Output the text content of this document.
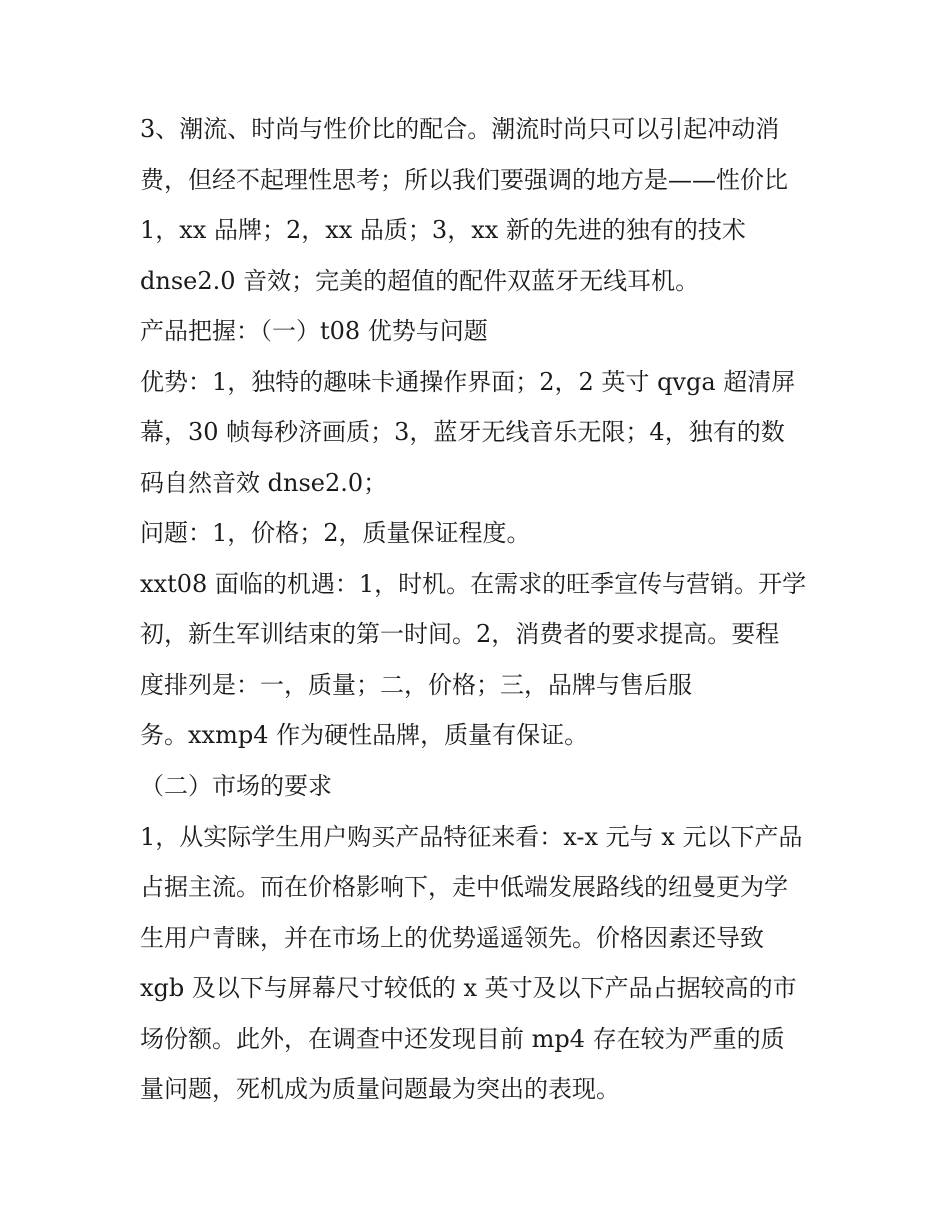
3、潮流、时尚与性价比的配合。潮流时尚只可以引起冲动消
费，但经不起理性思考；所以我们要强调的地方是——性价比
1，xx 品牌；2，xx 品质；3，xx 新的先进的独有的技术
dnse2.0 音效；完美的超值的配件双蓝牙无线耳机。
产品把握：（一）t08 优势与问题
优势：1，独特的趣味卡通操作界面；2，2 英寸 qvga 超清屏
幕，30 帧每秒济画质；3，蓝牙无线音乐无限；4，独有的数
码自然音效 dnse2.0；
问题：1，价格；2，质量保证程度。
xxt08 面临的机遇：1，时机。在需求的旺季宣传与营销。开学
初，新生军训结束的第一时间。2，消费者的要求提高。要程
度排列是：一，质量；二，价格；三，品牌与售后服
务。xxmp4 作为硬性品牌，质量有保证。
（二）市场的要求
1，从实际学生用户购买产品特征来看：x-x 元与 x 元以下产品
占据主流。而在价格影响下，走中低端发展路线的纽曼更为学
生用户青睐，并在市场上的优势遥遥领先。价格因素还导致
xgb 及以下与屏幕尺寸较低的 x 英寸及以下产品占据较高的市
场份额。此外，在调查中还发现目前 mp4 存在较为严重的质
量问题，死机成为质量问题最为突出的表现。
